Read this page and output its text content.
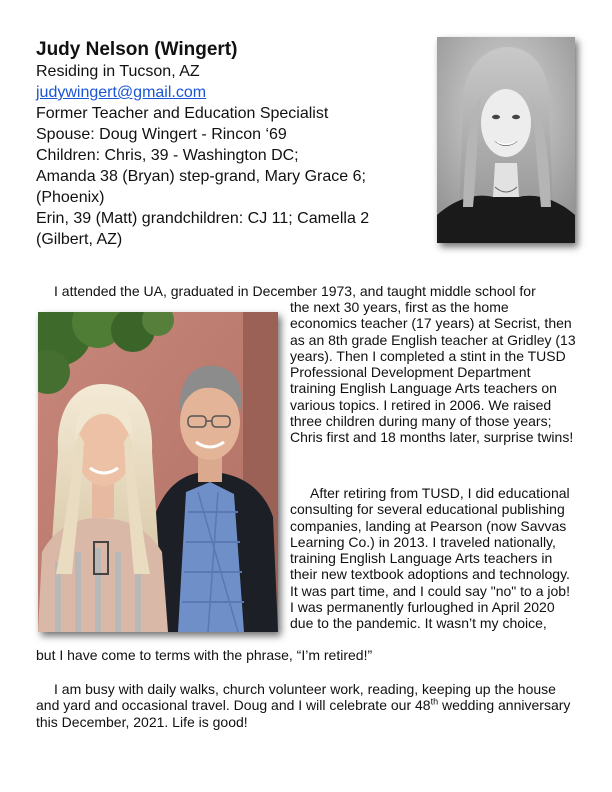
Judy Nelson (Wingert)

Residing in Tucson, AZ

judywingert@gmail.com

Former Teacher and Education Specialist

Spouse: Doug Wingert - Rincon ‘69

Children: Chris, 39 - Washington DC;

Amanda 38 (Bryan) step-grand, Mary Grace 6;

(Phoenix)

Erin, 39 (Matt) grandchildren: CJ 11; Camella 2

(Gilbert, AZ)

I attended the UA, graduated in December 1973, and taught middle school for
the next 30 years, first as the home economics teacher (17 years) at Secrist, then as an 8th grade English teacher at Gridley (13 years). Then I completed a stint in the TUSD Professional Development Department training English Language Arts teachers on various topics. I retired in 2006. We raised three children during many of those years; Chris first and 18 months later, surprise twins!
After retiring from TUSD, I did educational consulting for several educational publishing companies, landing at Pearson (now Savvas Learning Co.) in 2013. I traveled nationally, training English Language Arts teachers in their new textbook adoptions and technology. It was part time, and I could say "no" to a job! I was permanently furloughed in April 2020 due to the pandemic. It wasn’t my choice,
but I have come to terms with the phrase, “I’m retired!”
I am busy with daily walks, church volunteer work, reading, keeping up the house and yard and occasional travel. Doug and I will celebrate our 48th wedding anniversary this December, 2021. Life is good!
